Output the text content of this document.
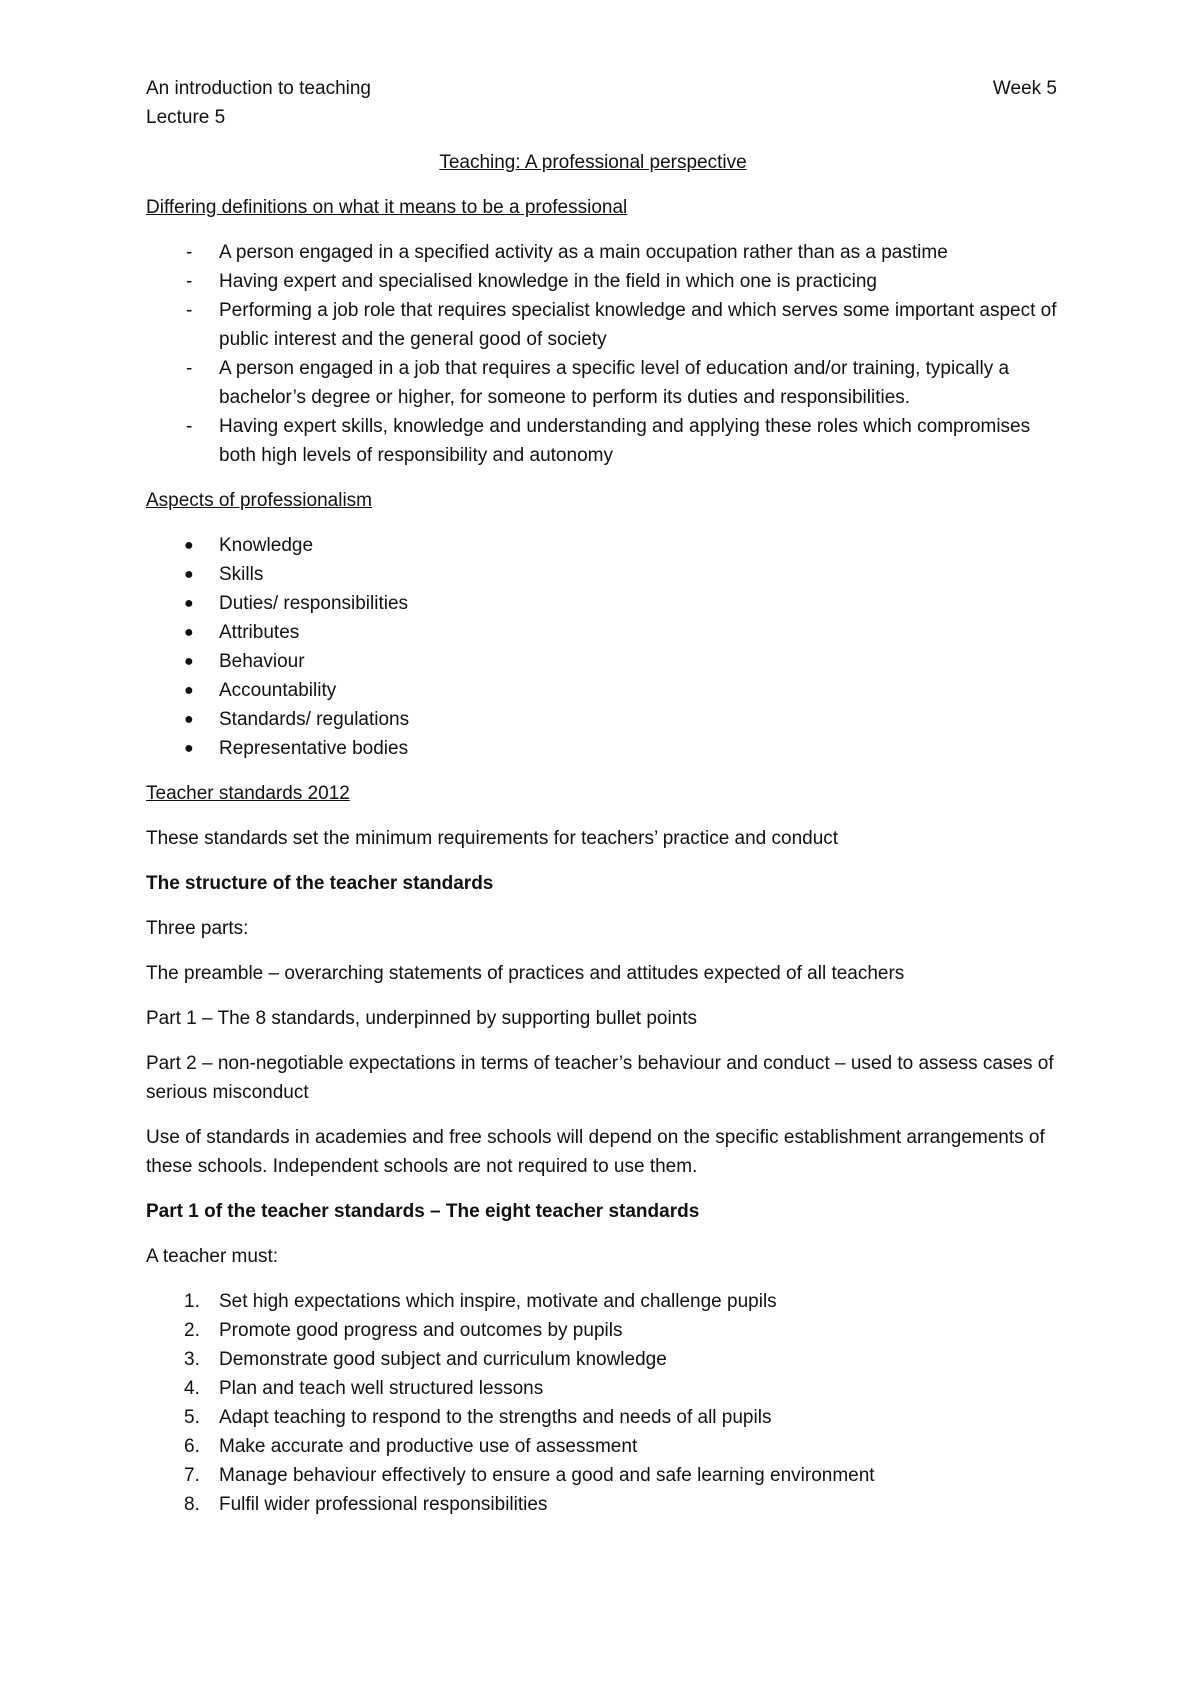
An introduction to teaching	Week 5
Lecture 5
Teaching: A professional perspective

Differing definitions on what it means to be a professional

- A person engaged in a specified activity as a main occupation rather than as a pastime
- Having expert and specialised knowledge in the field in which one is practicing
- Performing a job role that requires specialist knowledge and which serves some important aspect of public interest and the general good of society
- A person engaged in a job that requires a specific level of education and/or training, typically a bachelor’s degree or higher, for someone to perform its duties and responsibilities.
- Having expert skills, knowledge and understanding and applying these roles which compromises both high levels of responsibility and autonomy

Aspects of professionalism

● Knowledge
● Skills
● Duties/ responsibilities
● Attributes
● Behaviour
● Accountability
● Standards/ regulations
● Representative bodies

Teacher standards 2012

These standards set the minimum requirements for teachers’ practice and conduct

The structure of the teacher standards

Three parts:

The preamble – overarching statements of practices and attitudes expected of all teachers

Part 1 – The 8 standards, underpinned by supporting bullet points

Part 2 – non-negotiable expectations in terms of teacher’s behaviour and conduct – used to assess cases of serious misconduct

Use of standards in academies and free schools will depend on the specific establishment arrangements of these schools. Independent schools are not required to use them.

Part 1 of the teacher standards – The eight teacher standards

A teacher must:

1. Set high expectations which inspire, motivate and challenge pupils
2. Promote good progress and outcomes by pupils
3. Demonstrate good subject and curriculum knowledge
4. Plan and teach well structured lessons
5. Adapt teaching to respond to the strengths and needs of all pupils
6. Make accurate and productive use of assessment
7. Manage behaviour effectively to ensure a good and safe learning environment
8. Fulfil wider professional responsibilities
